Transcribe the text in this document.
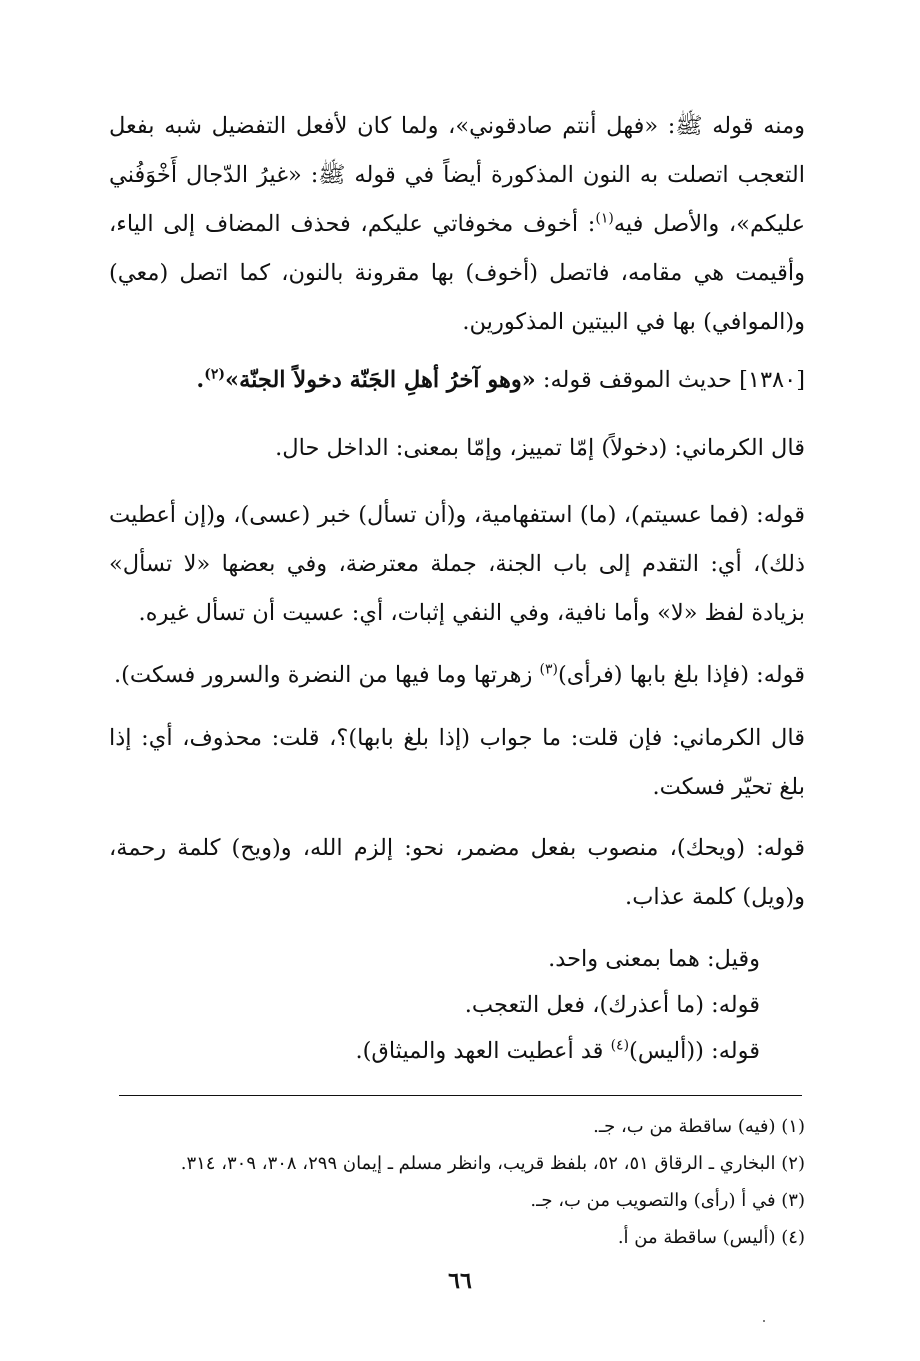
ومنه قوله ﷺ: «فهل أنتم صادقوني»، ولما كان لأفعل التفضيل شبه بفعل التعجب اتصلت به النون المذكورة أيضاً في قوله ﷺ: «غيرُ الدّجال أَخْوَفُني عليكم»، والأصل فيه$^{(١)}$: أخوف مخوفاتي عليكم، فحذف المضاف إلى الياء، وأقيمت هي مقامه، فاتصل (أخوف) بها مقرونة بالنون، كما اتصل (معي) و(الموافي) بها في البيتين المذكورين.
[١٣٨٠] حديث الموقف قوله: «وهو آخرُ أهلِ الجَنّة دخولاً الجنّة»$^{(٢)}$.
قال الكرماني: (دخولاً) إمّا تمييز، وإمّا بمعنى: الداخل حال.
قوله: (فما عسيتم)، (ما) استفهامية، و(أن تسأل) خبر (عسى)، و(إن أعطيت ذلك)، أي: التقدم إلى باب الجنة، جملة معترضة، وفي بعضها «لا تسأل» بزيادة لفظ «لا» وأما نافية، وفي النفي إثبات، أي: عسيت أن تسأل غيره.
قوله: (فإذا بلغ بابها (فرأى)$^{(٣)}$ زهرتها وما فيها من النضرة والسرور فسكت).
قال الكرماني: فإن قلت: ما جواب (إذا بلغ بابها)؟، قلت: محذوف، أي: إذا بلغ تحيّر فسكت.
قوله: (ويحك)، منصوب بفعل مضمر، نحو: إلزم الله، و(ويح) كلمة رحمة، و(ويل) كلمة عذاب.
وقيل: هما بمعنى واحد.
قوله: (ما أعذرك)، فعل التعجب.
قوله: ((أليس)$^{(٤)}$ قد أعطيت العهد والميثاق).
(١) (فيه) ساقطة من ب، جـ.
(٢) البخاري ـ الرقاق ٥١، ٥٢، بلفظ قريب، وانظر مسلم ـ إيمان ٢٩٩، ٣٠٨، ٣٠٩، ٣١٤.
(٣) في أ (رأى) والتصويب من ب، جـ.
(٤) (أليس) ساقطة من أ.
٦٦
